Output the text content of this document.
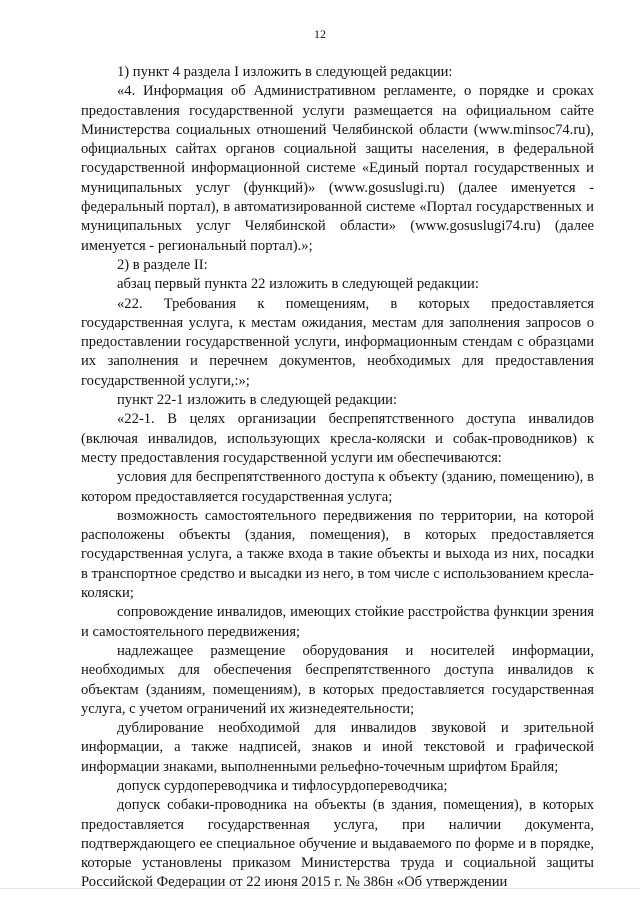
12

1) пункт 4 раздела I изложить в следующей редакции:

«4. Информация об Административном регламенте, о порядке и сроках предоставления государственной услуги размещается на официальном сайте Министерства социальных отношений Челябинской области (www.minsoc74.ru), официальных сайтах органов социальной защиты населения, в федеральной государственной информационной системе «Единый портал государственных и муниципальных услуг (функций)» (www.gosuslugi.ru) (далее именуется - федеральный портал), в автоматизированной системе «Портал государственных и муниципальных услуг Челябинской области» (www.gosuslugi74.ru) (далее именуется - региональный портал).»;

2) в разделе II:

абзац первый пункта 22 изложить в следующей редакции:

«22. Требования к помещениям, в которых предоставляется государственная услуга, к местам ожидания, местам для заполнения запросов о предоставлении государственной услуги, информационным стендам с образцами их заполнения и перечнем документов, необходимых для предоставления государственной услуги,:»;

пункт 22-1 изложить в следующей редакции:

«22-1. В целях организации беспрепятственного доступа инвалидов (включая инвалидов, использующих кресла-коляски и собак-проводников) к месту предоставления государственной услуги им обеспечиваются:

условия для беспрепятственного доступа к объекту (зданию, помещению), в котором предоставляется государственная услуга;

возможность самостоятельного передвижения по территории, на которой расположены объекты (здания, помещения), в которых предоставляется государственная услуга, а также входа в такие объекты и выхода из них, посадки в транспортное средство и высадки из него, в том числе с использованием кресла-коляски;

сопровождение инвалидов, имеющих стойкие расстройства функции зрения и самостоятельного передвижения;

надлежащее размещение оборудования и носителей информации, необходимых для обеспечения беспрепятственного доступа инвалидов к объектам (зданиям, помещениям), в которых предоставляется государственная услуга, с учетом ограничений их жизнедеятельности;

дублирование необходимой для инвалидов звуковой и зрительной информации, а также надписей, знаков и иной текстовой и графической информации знаками, выполненными рельефно-точечным шрифтом Брайля;

допуск сурдопереводчика и тифлосурдопереводчика;

допуск собаки-проводника на объекты (в здания, помещения), в которых предоставляется государственная услуга, при наличии документа, подтверждающего ее специальное обучение и выдаваемого по форме и в порядке, которые установлены приказом Министерства труда и социальной защиты Российской Федерации от 22 июня 2015 г. № 386н «Об утверждении
